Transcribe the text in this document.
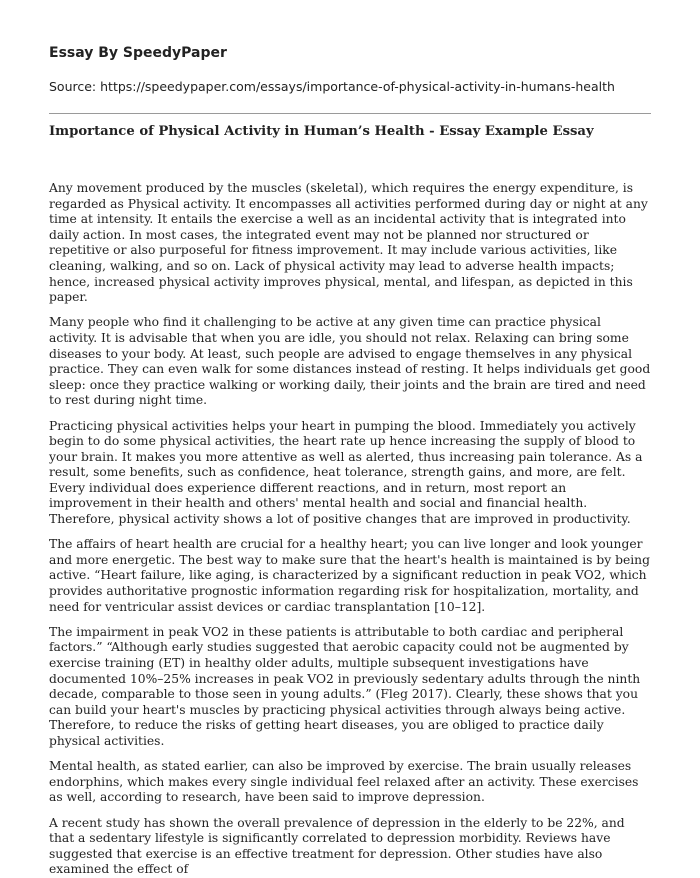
Essay By SpeedyPaper
Source: https://speedypaper.com/essays/importance-of-physical-activity-in-humans-health
Importance of Physical Activity in Human’s Health - Essay Example Essay

Any movement produced by the muscles (skeletal), which requires the energy expenditure, is regarded as Physical activity. It encompasses all activities performed during day or night at any time at intensity. It entails the exercise a well as an incidental activity that is integrated into daily action. In most cases, the integrated event may not be planned nor structured or repetitive or also purposeful for fitness improvement. It may include various activities, like cleaning, walking, and so on. Lack of physical activity may lead to adverse health impacts; hence, increased physical activity improves physical, mental, and lifespan, as depicted in this paper.

Many people who find it challenging to be active at any given time can practice physical activity. It is advisable that when you are idle, you should not relax. Relaxing can bring some diseases to your body. At least, such people are advised to engage themselves in any physical practice. They can even walk for some distances instead of resting. It helps individuals get good sleep: once they practice walking or working daily, their joints and the brain are tired and need to rest during night time.

Practicing physical activities helps your heart in pumping the blood. Immediately you actively begin to do some physical activities, the heart rate up hence increasing the supply of blood to your brain. It makes you more attentive as well as alerted, thus increasing pain tolerance. As a result, some benefits, such as confidence, heat tolerance, strength gains, and more, are felt. Every individual does experience different reactions, and in return, most report an improvement in their health and others' mental health and social and financial health. Therefore, physical activity shows a lot of positive changes that are improved in productivity.

The affairs of heart health are crucial for a healthy heart; you can live longer and look younger and more energetic. The best way to make sure that the heart's health is maintained is by being active. “Heart failure, like aging, is characterized by a significant reduction in peak VO2, which provides authoritative prognostic information regarding risk for hospitalization, mortality, and need for ventricular assist devices or cardiac transplantation [10–12].

The impairment in peak VO2 in these patients is attributable to both cardiac and peripheral factors.” “Although early studies suggested that aerobic capacity could not be augmented by exercise training (ET) in healthy older adults, multiple subsequent investigations have documented 10%–25% increases in peak VO2 in previously sedentary adults through the ninth decade, comparable to those seen in young adults.” (Fleg 2017). Clearly, these shows that you can build your heart's muscles by practicing physical activities through always being active. Therefore, to reduce the risks of getting heart diseases, you are obliged to practice daily physical activities.

Mental health, as stated earlier, can also be improved by exercise. The brain usually releases endorphins, which makes every single individual feel relaxed after an activity. These exercises as well, according to research, have been said to improve depression.

A recent study has shown the overall prevalence of depression in the elderly to be 22%, and that a sedentary lifestyle is significantly correlated to depression morbidity. Reviews have suggested that exercise is an effective treatment for depression. Other studies have also examined the effect of
